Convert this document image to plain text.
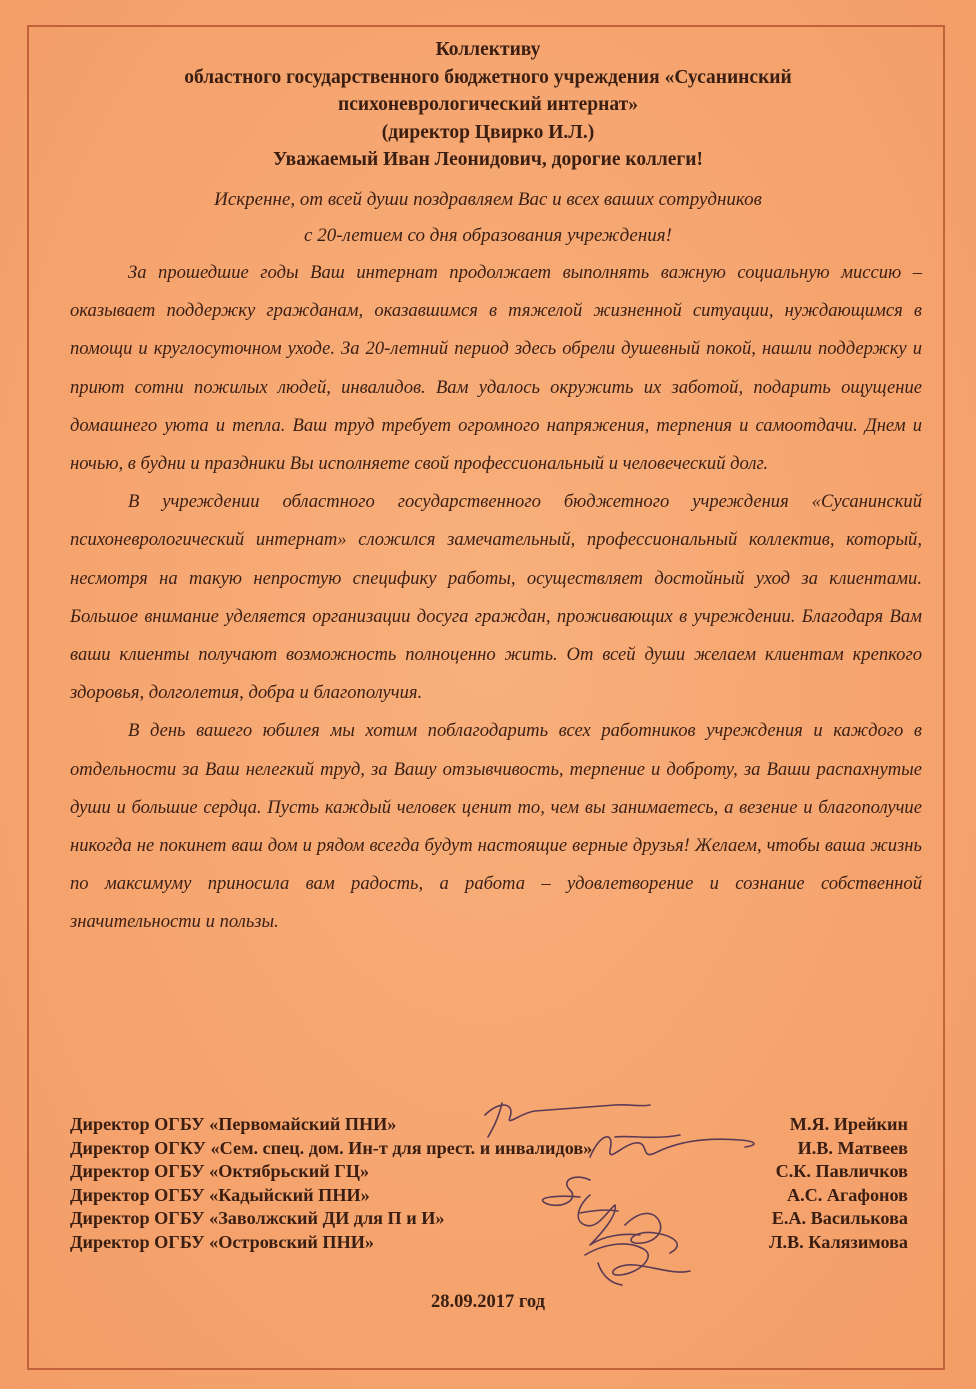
Коллективу
областного государственного бюджетного учреждения «Сусанинский
психоневрологический интернат»
(директор Цвирко И.Л.)
Уважаемый Иван Леонидович, дорогие коллеги!
Искренне, от всей души поздравляем Вас и всех ваших сотрудников
с 20-летием со дня образования учреждения!

За прошедшие годы Ваш интернат продолжает выполнять важную социальную миссию – оказывает поддержку гражданам, оказавшимся в тяжелой жизненной ситуации, нуждающимся в помощи и круглосуточном уходе. За 20-летний период здесь обрели душевный покой, нашли поддержку и приют сотни пожилых людей, инвалидов. Вам удалось окружить их заботой, подарить ощущение домашнего уюта и тепла. Ваш труд требует огромного напряжения, терпения и самоотдачи. Днем и ночью, в будни и праздники Вы исполняете свой профессиональный и человеческий долг.

В учреждении областного государственного бюджетного учреждения «Сусанинский психоневрологический интернат» сложился замечательный, профессиональный коллектив, который, несмотря на такую непростую специфику работы, осуществляет достойный уход за клиентами. Большое внимание уделяется организации досуга граждан, проживающих в учреждении. Благодаря Вам ваши клиенты получают возможность полноценно жить. От всей души желаем клиентам крепкого здоровья, долголетия, добра и благополучия.

В день вашего юбилея мы хотим поблагодарить всех работников учреждения и каждого в отдельности за Ваш нелегкий труд, за Вашу отзывчивость, терпение и доброту, за Ваши распахнутые души и большие сердца. Пусть каждый человек ценит то, чем вы занимаетесь, а везение и благополучие никогда не покинет ваш дом и рядом всегда будут настоящие верные друзья! Желаем, чтобы ваша жизнь по максимуму приносила вам радость, а работа – удовлетворение и сознание собственной значительности и пользы.

Директор ОГБУ «Первомайский ПНИ»	М.Я. Ирейкин
Директор ОГКУ «Сем. спец. дом. Ин-т для прест. и инвалидов»	И.В. Матвеев
Директор ОГБУ «Октябрьский ГЦ»	С.К. Павличков
Директор ОГБУ «Кадыйский ПНИ»	А.С. Агафонов
Директор ОГБУ «Заволжский ДИ для П и И»	Е.А. Василькова
Директор ОГБУ «Островский ПНИ»	Л.В. Калязимова
28.09.2017 год
